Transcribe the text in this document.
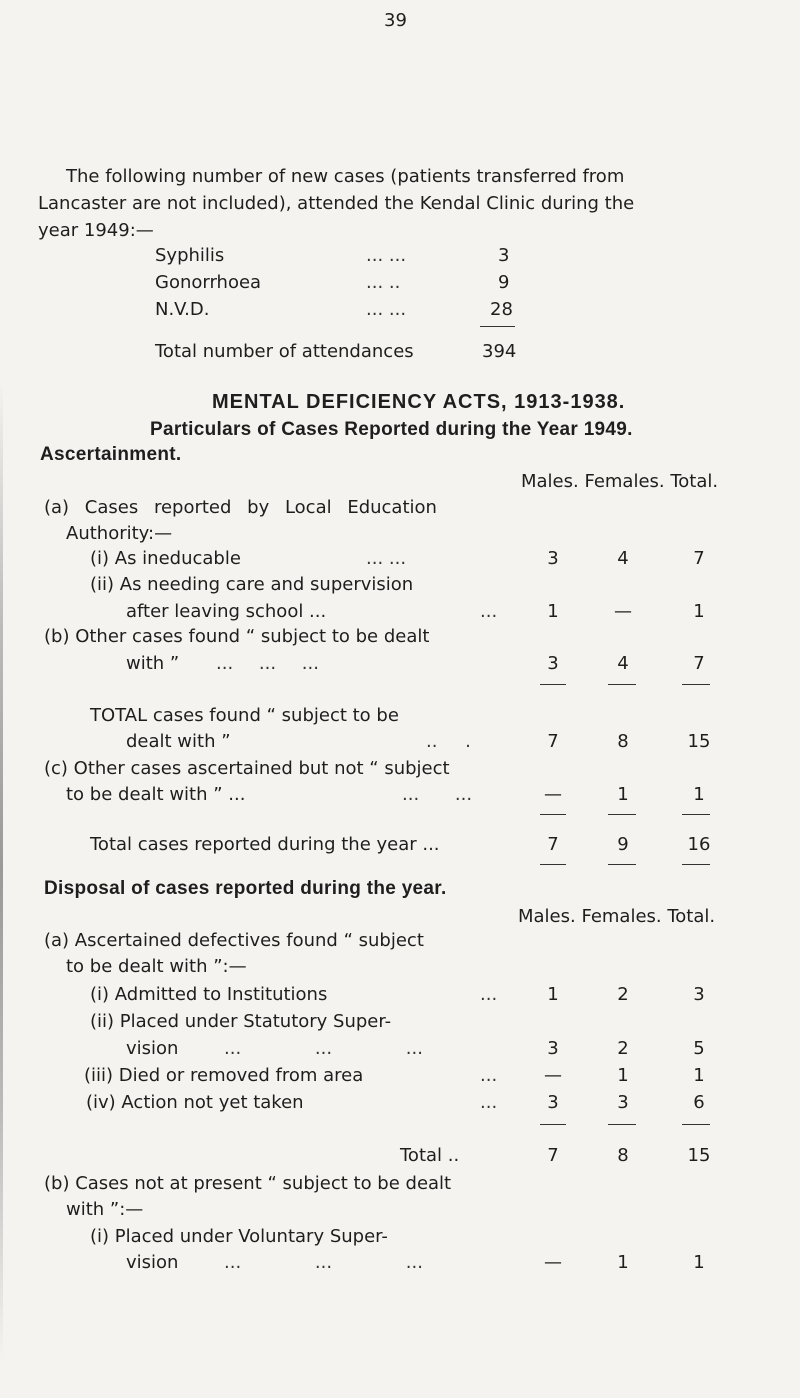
39
The following number of new cases (patients transferred from
Lancaster are not included), attended the Kendal Clinic during the
year 1949:—
Syphilis	... ...	3
Gonorrhoea	... ..	9
N.V.D.	... ...	28
Total number of attendances	394
MENTAL DEFICIENCY ACTS, 1913-1938.
Particulars of Cases Reported during the Year 1949.
Ascertainment.
Males. Females. Total.
(a) Cases reported by Local Education
Authority:—
(i) As ineducable	... ...	3	4	7
(ii) As needing care and supervision
after leaving school ...	...	1	—	1
(b) Other cases found “ subject to be dealt
with ” ... ... ...	3	4	7
TOTAL cases found “ subject to be
dealt with ”	.. .	7	8	15
(c) Other cases ascertained but not “ subject
to be dealt with ” ...	... ...	—	1	1
Total cases reported during the year ...	7	9	16
Disposal of cases reported during the year.
Males. Females. Total.
(a) Ascertained defectives found “ subject
to be dealt with ”:—
(i) Admitted to Institutions	...	1	2	3
(ii) Placed under Statutory Super-
vision	... ... ...	3	2	5
(iii) Died or removed from area	...	—	1	1
(iv) Action not yet taken	...	3	3	6
Total ..	7	8	15
(b) Cases not at present “ subject to be dealt
with ”:—
(i) Placed under Voluntary Super-
vision	... ... ...	—	1	1
